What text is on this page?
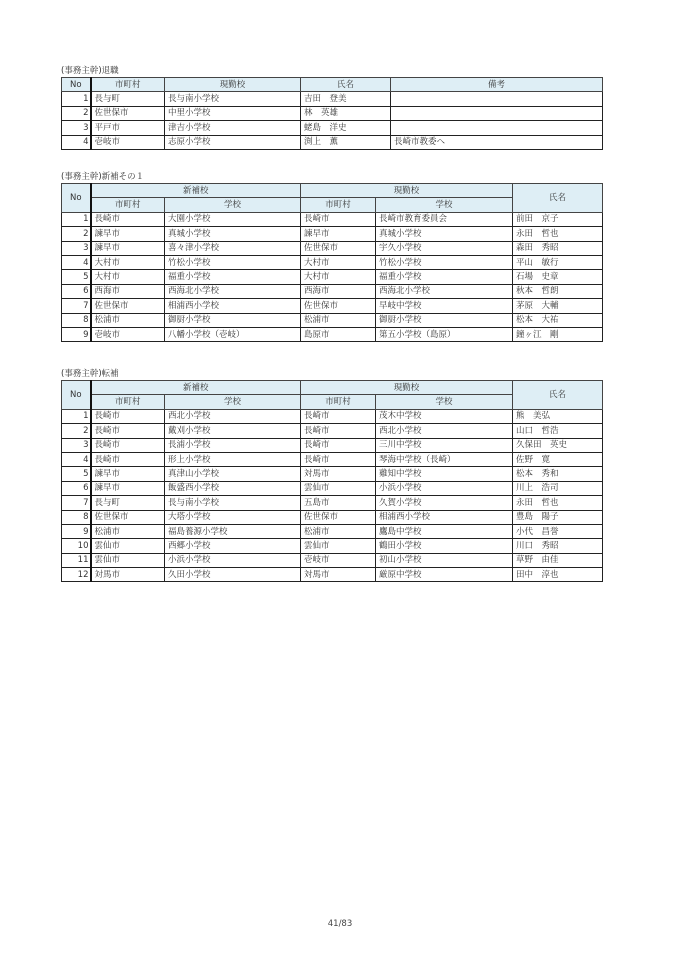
(事務主幹)退職
No	市町村	現勤校	氏名	備考
1	長与町	長与南小学校	吉田　登美	
2	佐世保市	中里小学校	林　英雄	
3	平戸市	津吉小学校	蛯島　洋史	
4	壱岐市	志原小学校	渕上　薫	長崎市教委へ
(事務主幹)新補その１
No	新補校		現勤校		氏名
	市町村	学校	市町村	学校	
1	長崎市	大園小学校	長崎市	長崎市教育委員会	前田　京子
2	諫早市	真城小学校	諫早市	真城小学校	永田　哲也
3	諫早市	喜々津小学校	佐世保市	宇久小学校	森田　秀昭
4	大村市	竹松小学校	大村市	竹松小学校	平山　敏行
5	大村市	福重小学校	大村市	福重小学校	石場　史章
6	西海市	西海北小学校	西海市	西海北小学校	秋本　哲朗
7	佐世保市	相浦西小学校	佐世保市	早岐中学校	茅原　大輔
8	松浦市	御厨小学校	松浦市	御厨小学校	松本　大祐
9	壱岐市	八幡小学校（壱岐）	島原市	第五小学校（島原）	鐘ヶ江　剛
(事務主幹)転補
No	新補校		現勤校		氏名
	市町村	学校	市町村	学校	
1	長崎市	西北小学校	長崎市	茂木中学校	熊　美弘
2	長崎市	戴刈小学校	長崎市	西北小学校	山口　哲浩
3	長崎市	長浦小学校	長崎市	三川中学校	久保田　英史
4	長崎市	形上小学校	長崎市	琴海中学校（長崎）	佐野　寛
5	諫早市	真津山小学校	対馬市	雞知中学校	松本　秀和
6	諫早市	飯盛西小学校	雲仙市	小浜小学校	川上　浩司
7	長与町	長与南小学校	五島市	久賀小学校	永田　哲也
8	佐世保市	大塔小学校	佐世保市	相浦西小学校	豊島　陽子
9	松浦市	福島養源小学校	松浦市	鷹島中学校	小代　昌誉
10	雲仙市	西郷小学校	雲仙市	鶴田小学校	川口　秀昭
11	雲仙市	小浜小学校	壱岐市	初山小学校	草野　由佳
12	対馬市	久田小学校	対馬市	厳原中学校	田中　淳也
41/83
